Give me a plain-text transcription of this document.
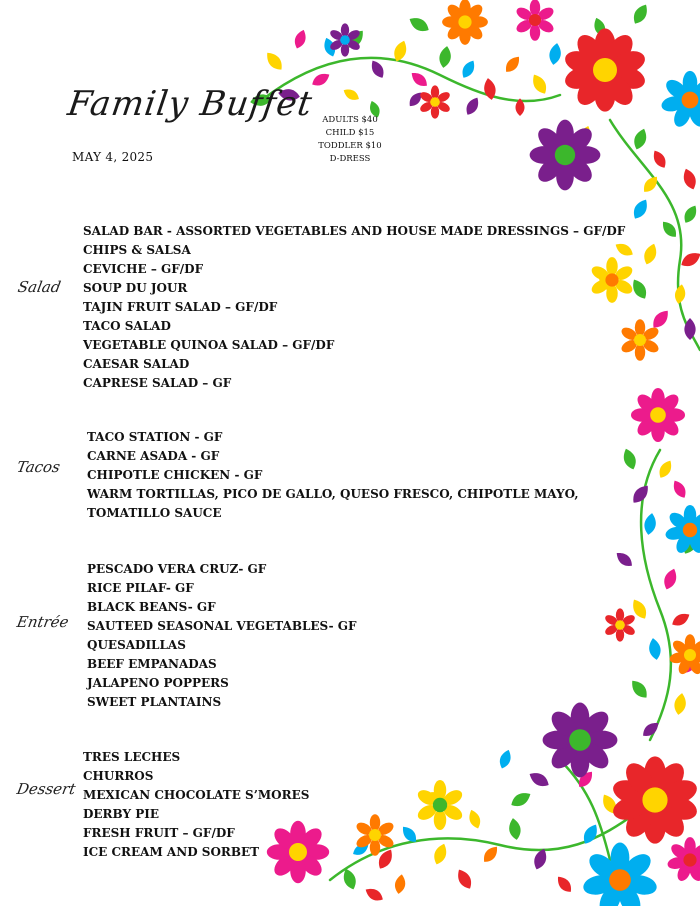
Family Buffet
MAY 4, 2025
ADULTS $40
CHILD $15
TODDLER $10
D-DRESS
Salad
SALAD BAR - ASSORTED VEGETABLES AND HOUSE MADE DRESSINGS – GF/DF
CHIPS & SALSA
CEVICHE – GF/DF
SOUP DU JOUR
TAJIN FRUIT SALAD – GF/DF
TACO SALAD
VEGETABLE QUINOA SALAD – GF/DF
CAESAR SALAD
CAPRESE SALAD – GF
Tacos
TACO STATION - GF
CARNE ASADA - GF
CHIPOTLE CHICKEN - GF
WARM TORTILLAS, PICO DE GALLO, QUESO FRESCO, CHIPOTLE MAYO,
TOMATILLO SAUCE
Entrée
PESCADO VERA CRUZ- GF
RICE PILAF- GF
BLACK BEANS- GF
SAUTEED SEASONAL VEGETABLES- GF
QUESADILLAS
BEEF EMPANADAS
JALAPENO POPPERS
SWEET PLANTAINS
Dessert
TRES LECHES
CHURROS
MEXICAN CHOCOLATE S’MORES
DERBY PIE
FRESH FRUIT – GF/DF
ICE CREAM AND SORBET
